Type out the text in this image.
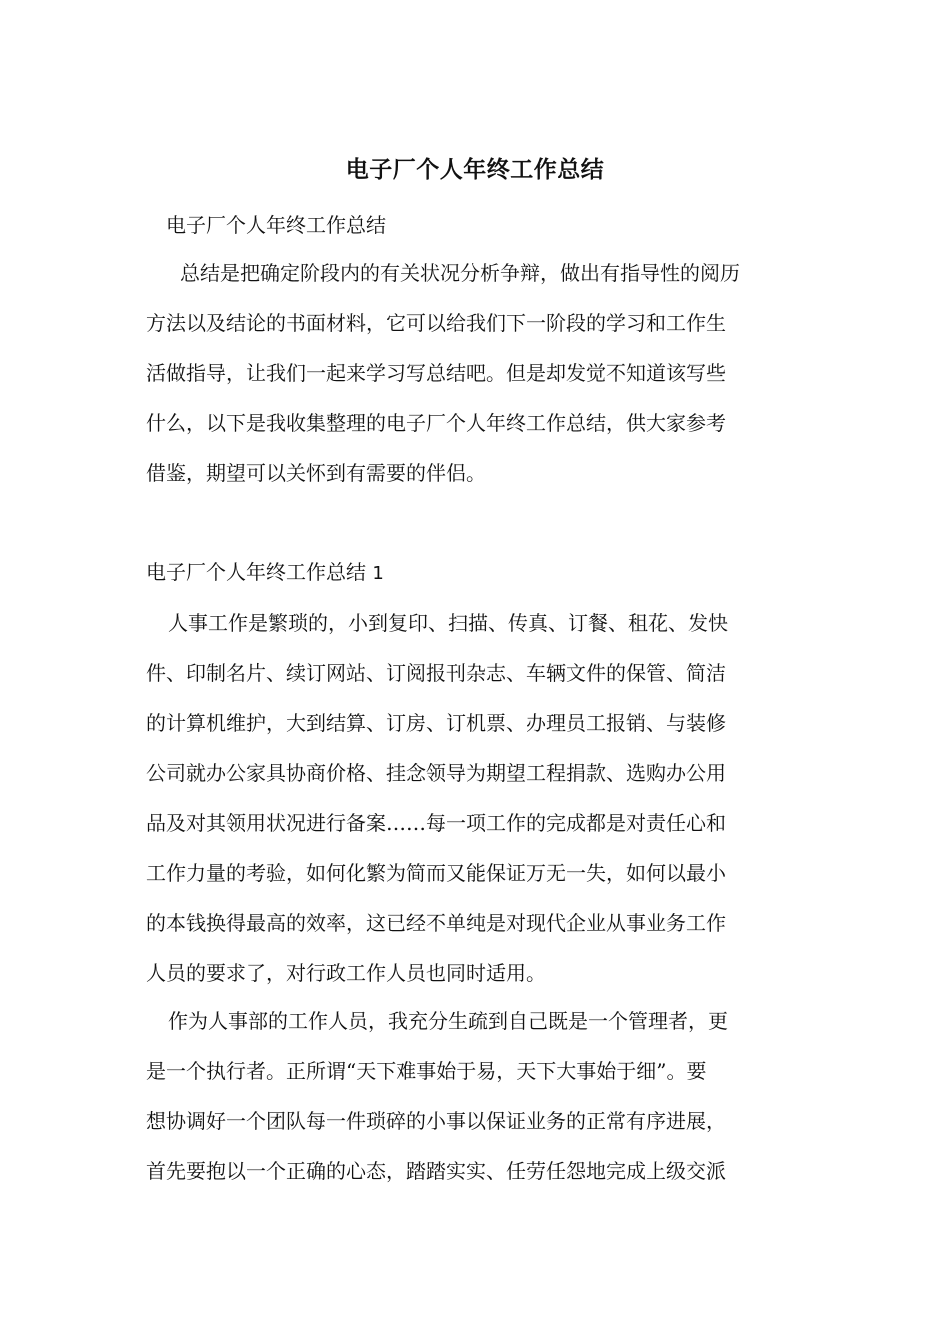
电子厂个人年终工作总结
电子厂个人年终工作总结
总结是把确定阶段内的有关状况分析争辩，做出有指导性的阅历
方法以及结论的书面材料，它可以给我们下一阶段的学习和工作生
活做指导，让我们一起来学习写总结吧。但是却发觉不知道该写些
什么，以下是我收集整理的电子厂个人年终工作总结，供大家参考
借鉴，期望可以关怀到有需要的伴侣。
电子厂个人年终工作总结 1
人事工作是繁琐的，小到复印、扫描、传真、订餐、租花、发快
件、印制名片、续订网站、订阅报刊杂志、车辆文件的保管、简洁
的计算机维护，大到结算、订房、订机票、办理员工报销、与装修
公司就办公家具协商价格、挂念领导为期望工程捐款、选购办公用
品及对其领用状况进行备案……每一项工作的完成都是对责任心和
工作力量的考验，如何化繁为简而又能保证万无一失，如何以最小
的本钱换得最高的效率，这已经不单纯是对现代企业从事业务工作
人员的要求了，对行政工作人员也同时适用。
作为人事部的工作人员，我充分生疏到自己既是一个管理者，更
是一个执行者。正所谓“天下难事始于易，天下大事始于细”。要
想协调好一个团队每一件琐碎的小事以保证业务的正常有序进展，
首先要抱以一个正确的心态，踏踏实实、任劳任怨地完成上级交派
